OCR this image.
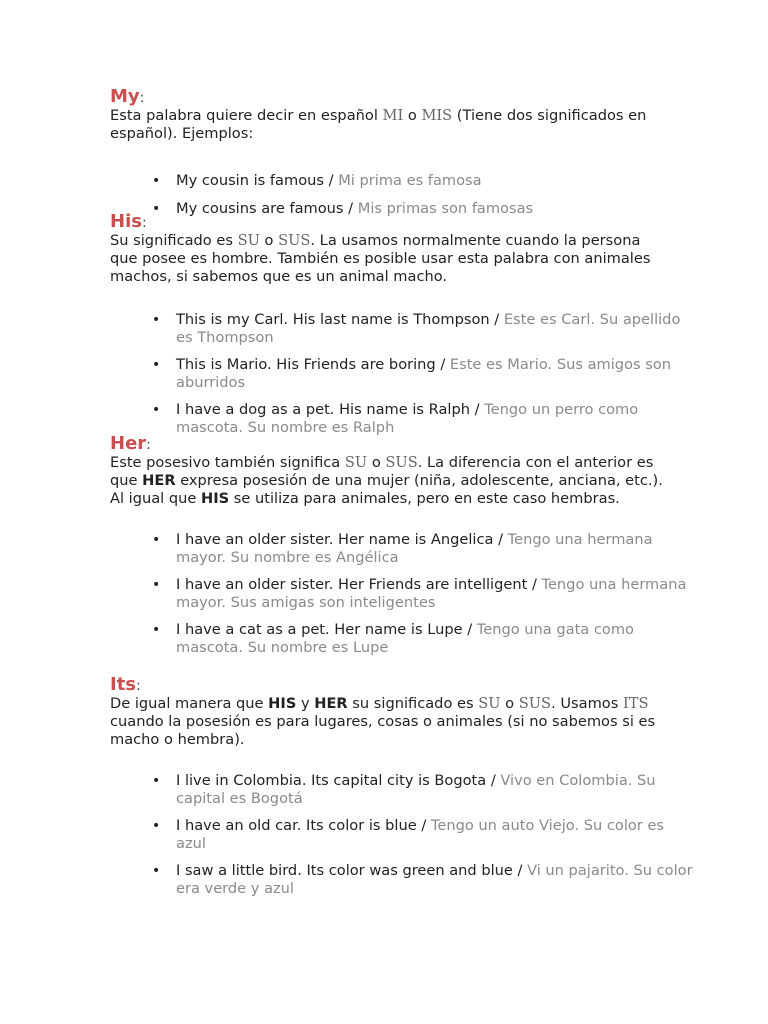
My:

Esta palabra quiere decir en español MI o MIS (Tiene dos significados en español). Ejemplos:

• My cousin is famous / Mi prima es famosa
• My cousins are famous / Mis primas son famosas
His:

Su significado es SU o SUS. La usamos normalmente cuando la persona que posee es hombre. También es posible usar esta palabra con animales machos, si sabemos que es un animal macho.

• This is my Carl. His last name is Thompson / Este es Carl. Su apellido es Thompson
• This is Mario. His Friends are boring / Este es Mario. Sus amigos son aburridos
• I have a dog as a pet. His name is Ralph / Tengo un perro como mascota. Su nombre es Ralph
Her:

Este posesivo también significa SU o SUS. La diferencia con el anterior es que HER expresa posesión de una mujer (niña, adolescente, anciana, etc.). Al igual que HIS se utiliza para animales, pero en este caso hembras.

• I have an older sister. Her name is Angelica / Tengo una hermana mayor. Su nombre es Angélica
• I have an older sister. Her Friends are intelligent / Tengo una hermana mayor. Sus amigas son inteligentes
• I have a cat as a pet. Her name is Lupe / Tengo una gata como mascota. Su nombre es Lupe
Its:

De igual manera que HIS y HER su significado es SU o SUS. Usamos ITS cuando la posesión es para lugares, cosas o animales (si no sabemos si es macho o hembra).

• I live in Colombia. Its capital city is Bogota / Vivo en Colombia. Su capital es Bogotá
• I have an old car. Its color is blue / Tengo un auto Viejo. Su color es azul
• I saw a little bird. Its color was green and blue / Vi un pajarito. Su color era verde y azul
